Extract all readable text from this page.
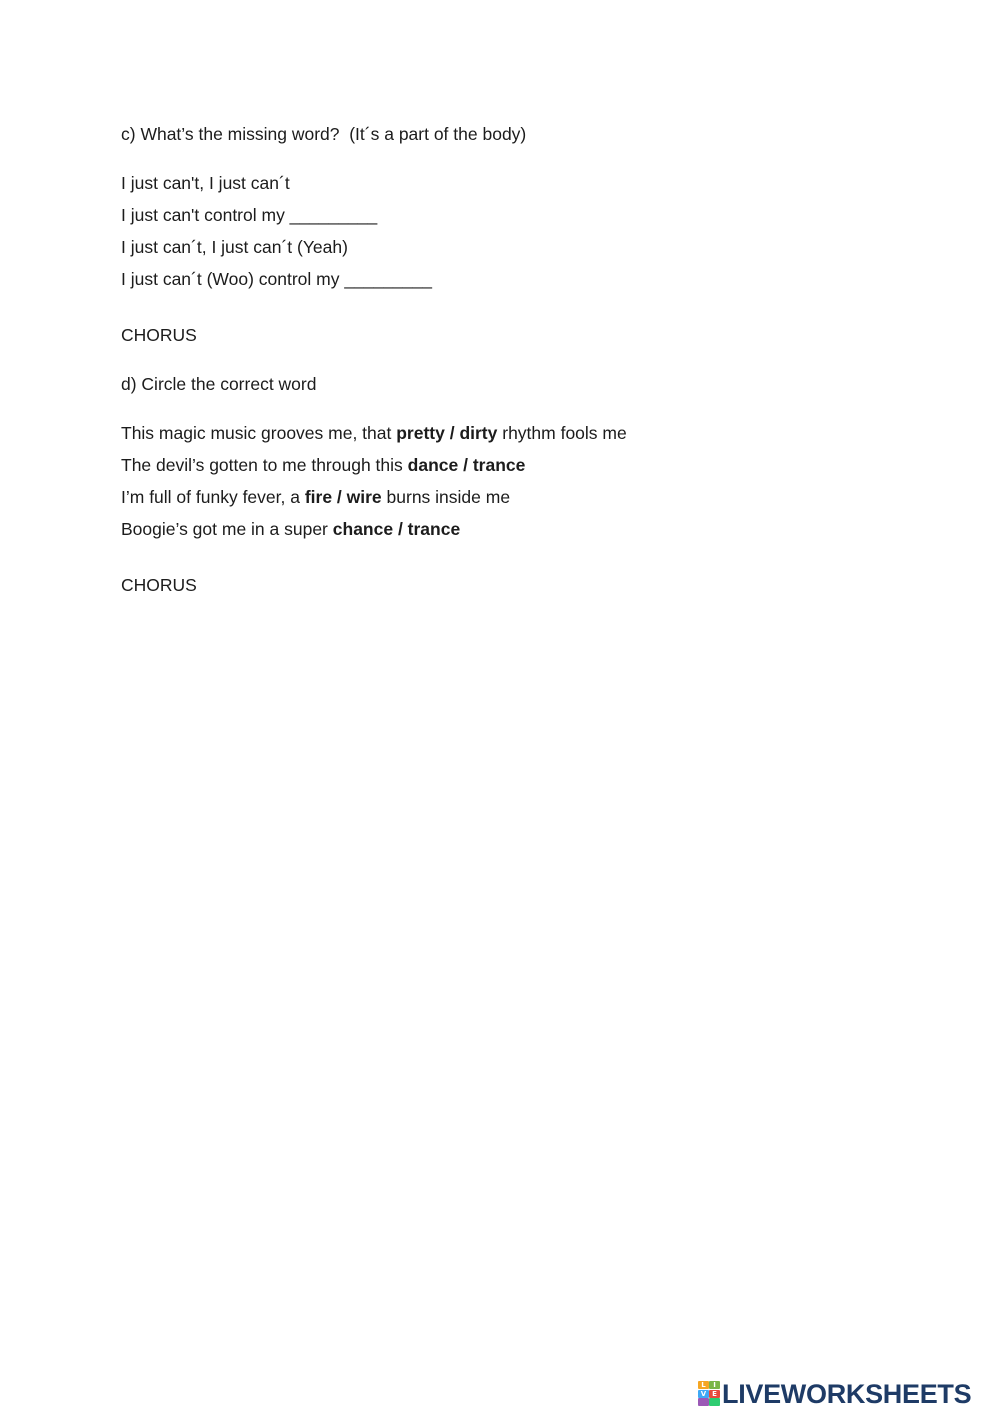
c) What’s the missing word?  (It´s a part of the body)
I just can't, I just can´t
I just can't control my _________
I just can´t, I just can´t (Yeah)
I just can´t (Woo) control my _________
CHORUS
d) Circle the correct word
This magic music grooves me, that pretty / dirty rhythm fools me
The devil’s gotten to me through this dance / trance
I’m full of funky fever, a fire / wire burns inside me
Boogie’s got me in a super chance / trance
CHORUS
L	I
V E LIVEWORKSHEETS
